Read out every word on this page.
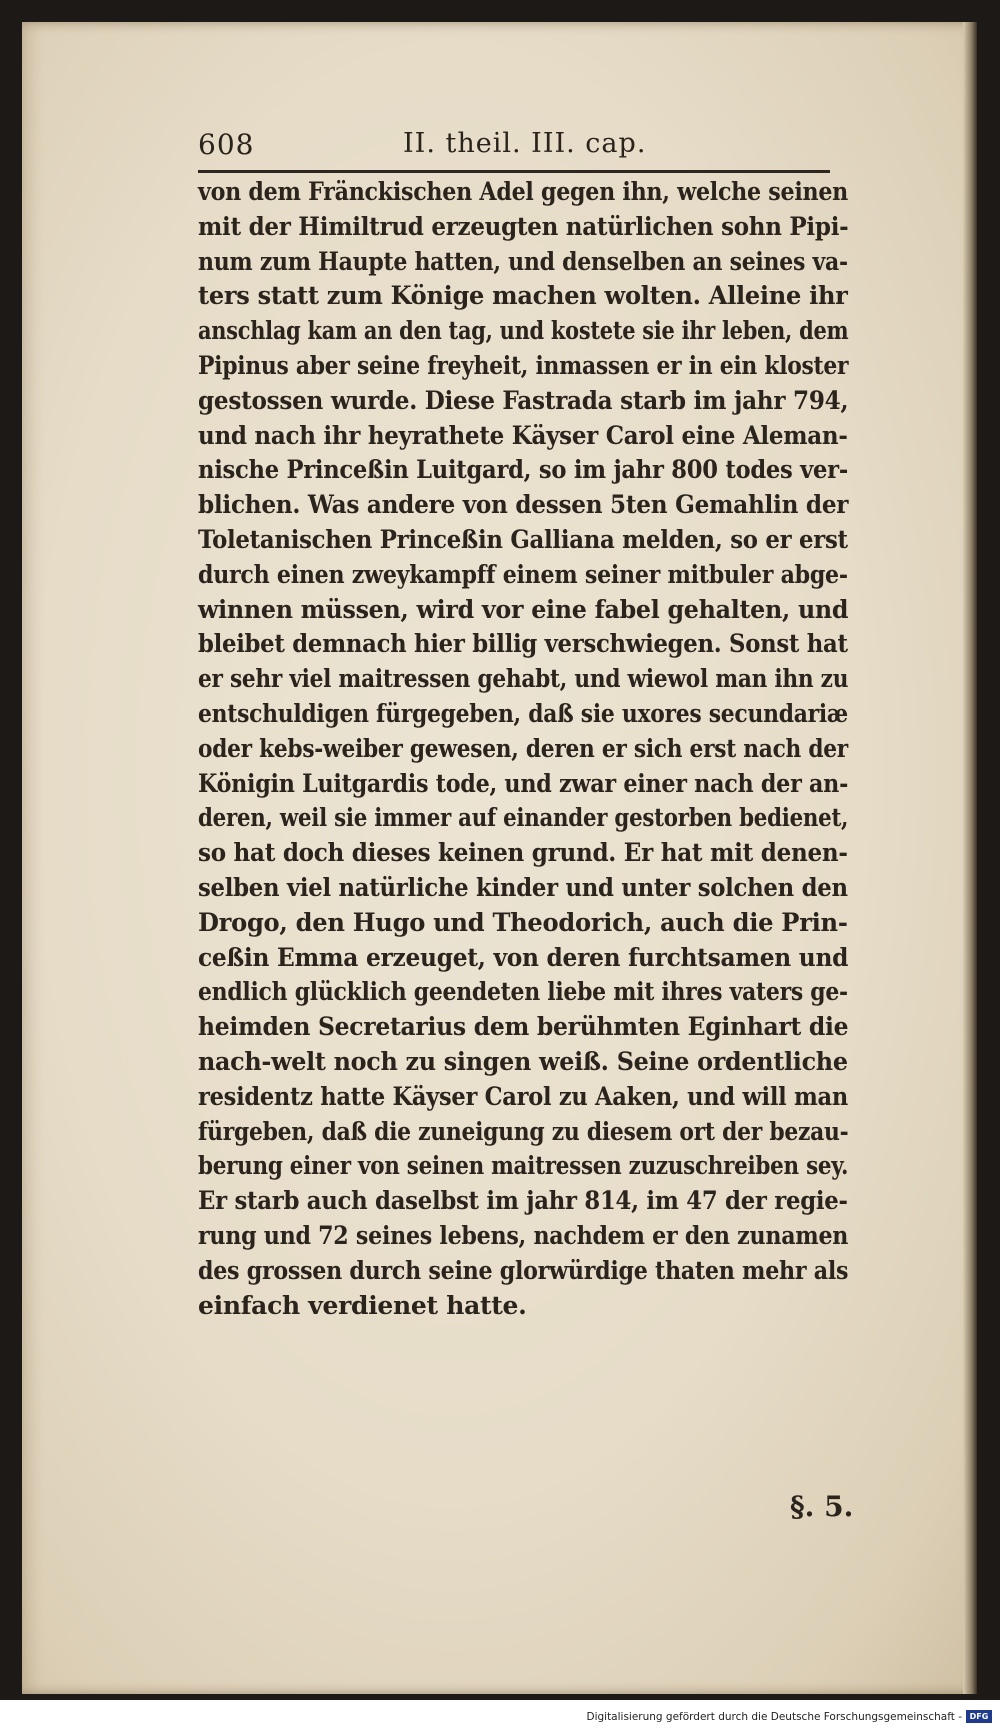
608	II. theil. III. cap.
von dem Fränckischen Adel gegen ihn, welche seinen
mit der Himiltrud erzeugten natürlichen sohn Pipi-
num zum Haupte hatten, und denselben an seines va-
ters statt zum Könige machen wolten. Alleine ihr
anschlag kam an den tag, und kostete sie ihr leben, dem
Pipinus aber seine freyheit, inmassen er in ein kloster
gestossen wurde. Diese Fastrada starb im jahr 794,
und nach ihr heyrathete Käyser Carol eine Aleman-
nische Princeßin Luitgard, so im jahr 800 todes ver-
blichen. Was andere von dessen 5ten Gemahlin der
Toletanischen Princeßin Galliana melden, so er erst
durch einen zweykampff einem seiner mitbuler abge-
winnen müssen, wird vor eine fabel gehalten, und
bleibet demnach hier billig verschwiegen. Sonst hat
er sehr viel maitressen gehabt, und wiewol man ihn zu
entschuldigen fürgegeben, daß sie uxores secundariæ
oder kebs-weiber gewesen, deren er sich erst nach der
Königin Luitgardis tode, und zwar einer nach der an-
deren, weil sie immer auf einander gestorben bedienet,
so hat doch dieses keinen grund. Er hat mit denen-
selben viel natürliche kinder und unter solchen den
Drogo, den Hugo und Theodorich, auch die Prin-
ceßin Emma erzeuget, von deren furchtsamen und
endlich glücklich geendeten liebe mit ihres vaters ge-
heimden Secretarius dem berühmten Eginhart die
nach-welt noch zu singen weiß. Seine ordentliche
residentz hatte Käyser Carol zu Aaken, und will man
fürgeben, daß die zuneigung zu diesem ort der bezau-
berung einer von seinen maitressen zuzuschreiben sey.
Er starb auch daselbst im jahr 814, im 47 der regie-
rung und 72 seines lebens, nachdem er den zunamen
des grossen durch seine glorwürdige thaten mehr als
einfach verdienet hatte.
§. 5.
Digitalisierung gefördert durch die Deutsche Forschungsgemeinschaft - DFG
